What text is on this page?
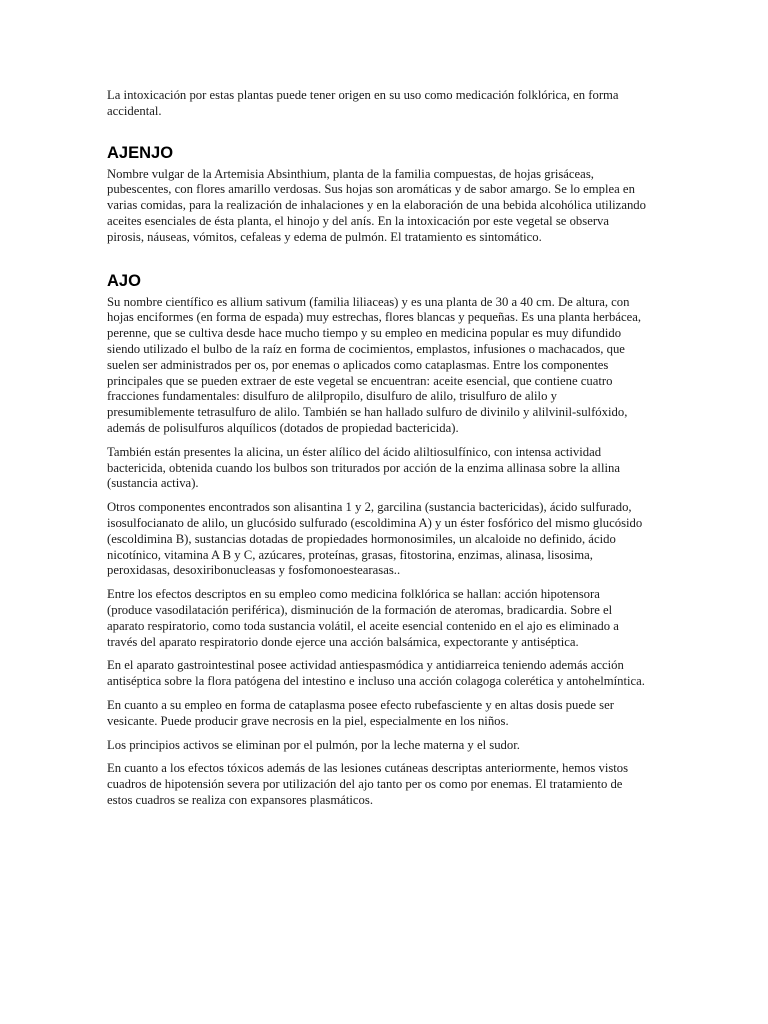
La intoxicación por estas plantas puede tener origen en su uso como medicación folklórica, en forma accidental.

AJENJO

Nombre vulgar de la Artemisia Absinthium, planta de la familia compuestas, de hojas grisáceas, pubescentes, con flores amarillo verdosas. Sus hojas son aromáticas y de sabor amargo. Se lo emplea en varias comidas, para la realización de inhalaciones y en la elaboración de una bebida alcohólica utilizando aceites esenciales de ésta planta, el hinojo y del anís. En la intoxicación por este vegetal se observa pirosis, náuseas, vómitos, cefaleas y edema de pulmón. El tratamiento es sintomático.

AJO

Su nombre científico es allium sativum (familia liliaceas) y es una planta de 30 a 40 cm. De altura, con hojas enciformes (en forma de espada) muy estrechas, flores blancas y pequeñas. Es una planta herbácea, perenne, que se cultiva desde hace mucho tiempo y su empleo en medicina popular es muy difundido siendo utilizado el bulbo de la raíz en forma de cocimientos, emplastos, infusiones o machacados, que suelen ser administrados per os, por enemas o aplicados como cataplasmas. Entre los componentes principales que se pueden extraer de este vegetal se encuentran: aceite esencial, que contiene cuatro fracciones fundamentales: disulfuro de alilpropilo, disulfuro de alilo, trisulfuro de alilo y presumiblemente tetrasulfuro de alilo. También se han hallado sulfuro de divinilo y alilvinil-sulfóxido, además de polisulfuros alquílicos (dotados de propiedad bactericida).

También están presentes la alicina, un éster alílico del ácido aliltiosulfínico, con intensa actividad bactericida, obtenida cuando los bulbos son triturados por acción de la enzima allinasa sobre la allina (sustancia activa).

Otros componentes encontrados son alisantina 1 y 2, garcilina (sustancia bactericidas), ácido sulfurado, isosulfocianato de alilo, un glucósido sulfurado (escoldimina A) y un éster fosfórico del mismo glucósido (escoldimina B), sustancias dotadas de propiedades hormonosimiles, un alcaloide no definido, ácido nicotínico, vitamina A B y C, azúcares, proteínas, grasas, fitostorina, enzimas, alinasa, lisosima, peroxidasas, desoxiribonucleasas y fosfomonoestearasas..

Entre los efectos descriptos en su empleo como medicina folklórica se hallan: acción hipotensora (produce vasodilatación periférica), disminución de la formación de ateromas, bradicardia. Sobre el aparato respiratorio, como toda sustancia volátil, el aceite esencial contenido en el ajo es eliminado a través del aparato respiratorio donde ejerce una acción balsámica, expectorante y antiséptica.

En el aparato gastrointestinal posee actividad antiespasmódica y antidiarreica teniendo además acción antiséptica sobre la flora patógena del intestino e incluso una acción colagoga colerética y antohelmíntica.

En cuanto a su empleo en forma de cataplasma posee efecto rubefasciente y en altas dosis puede ser vesicante. Puede producir grave necrosis en la piel, especialmente en los niños.

Los principios activos se eliminan por el pulmón, por la leche materna y el sudor.

En cuanto a los efectos tóxicos además de las lesiones cutáneas descriptas anteriormente, hemos vistos cuadros de hipotensión severa por utilización del ajo tanto per os como por enemas. El tratamiento de estos cuadros se realiza con expansores plasmáticos.
